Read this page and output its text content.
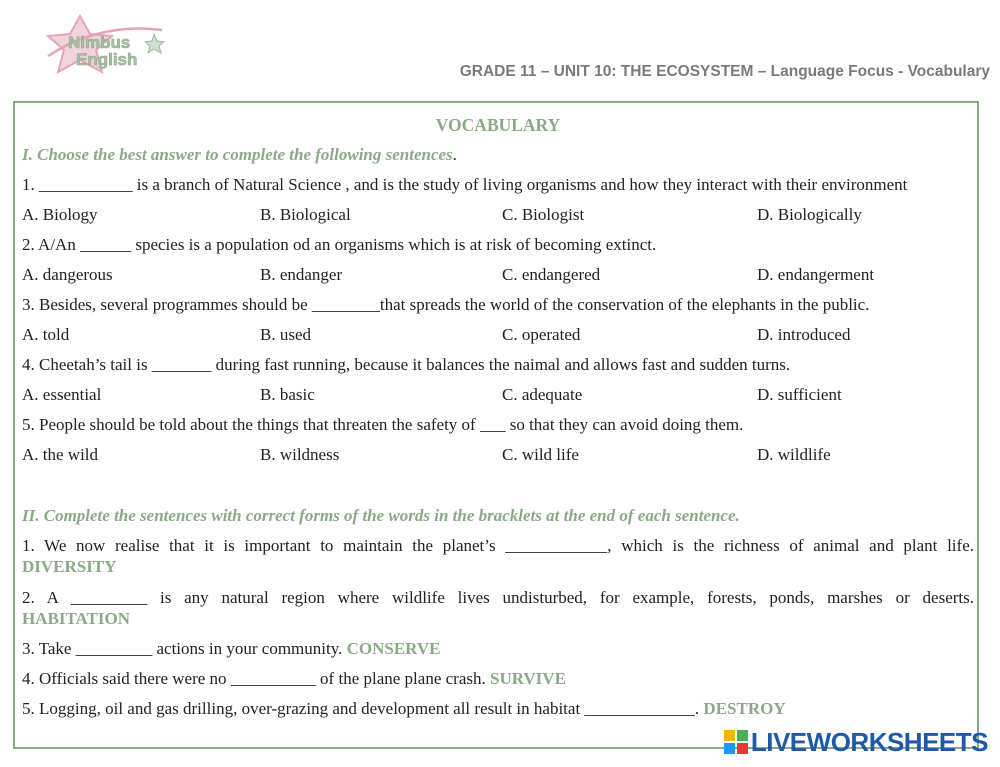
Nimbus
English
GRADE 11 – UNIT 10: THE ECOSYSTEM – Language Focus - Vocabulary
VOCABULARY
I. Choose the best answer to complete the following sentences.
1. ___________ is a branch of Natural Science , and is the study of living organisms and how they interact with their environment
A. Biology	B. Biological	C. Biologist	D. Biologically
2. A/An ______ species is a population od an organisms which is at risk of becoming extinct.
A. dangerous	B. endanger	C. endangered	D. endangerment
3. Besides, several programmes should be ________that spreads the world of the conservation of the elephants in the public.
A. told	B. used	C. operated	D. introduced
4. Cheetah’s tail is _______ during fast running, because it balances the naimal and allows fast and sudden turns.
A. essential	B. basic	C. adequate	D. sufficient
5. People should be told about the things that threaten the safety of ___ so that they can avoid doing them.
A. the wild	B. wildness	C. wild life	D. wildlife
II. Complete the sentences with correct forms of the words in the bracklets at the end of each sentence.
1. We now realise that it is important to maintain the planet’s ____________, which is the richness of animal and plant life.
DIVERSITY
2. A _________ is any natural region where wildlife lives undisturbed, for example, forests, ponds, marshes or deserts.
HABITATION
3. Take _________ actions in your community. CONSERVE
4. Officials said there were no __________ of the plane plane crash. SURVIVE
5. Logging, oil and gas drilling, over-grazing and development all result in habitat _____________. DESTROY
LIVEWORKSHEETS
